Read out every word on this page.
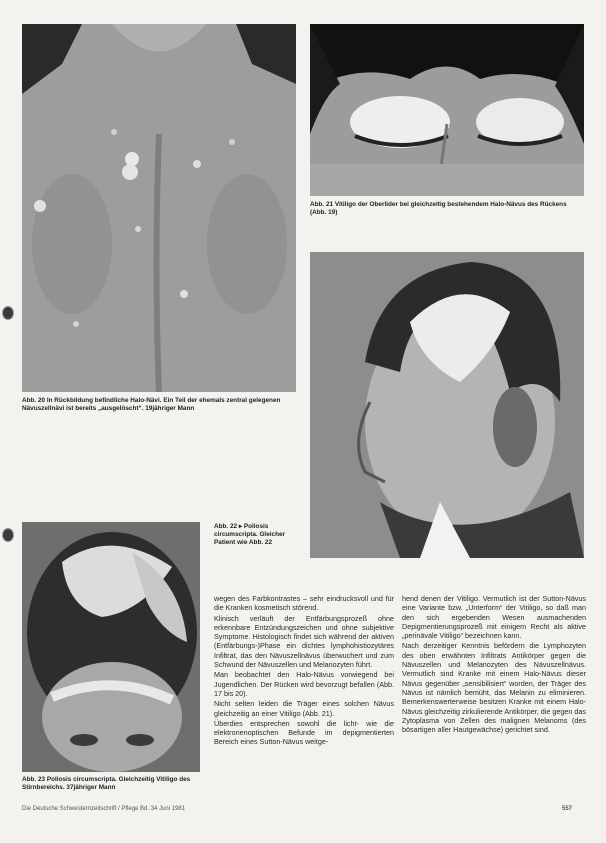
Abb. 20 In Rückbildung befindliche Halo-Nävi. Ein Teil der ehemals zentral gelegenen Nävuszellnävi ist bereits „ausgelöscht“. 19jähriger Mann
Abb. 21 Vitiligo der Oberlider bei gleichzeitig bestehendem Halo-Nävus des Rückens (Abb. 19)
Abb. 22 ▸ Poliosis circumscripta. Gleicher Patient wie Abb. 22
Abb. 23 Poliosis circumscripta. Gleichzeitig Vitiligo des Stirnbereichs. 37jähriger Mann

wegen des Farbkontrastes – sehr eindrucksvoll und für die Kranken kosmetisch störend.

Klinisch verläuft der Entfärbungsprozeß ohne erkennbare Entzündungszeichen und ohne subjektive Symptome. Histologisch findet sich während der aktiven (Entfärbungs-)Phase ein dichtes lymphohistiozytäres Infiltrat, das den Nävuszellnävus überwuchert und zum Schwund der Nävuszellen und Melanozyten führt.

Man beobachtet den Halo-Nävus vorwiegend bei Jugendlichen. Der Rücken wird bevorzugt befallen (Abb. 17 bis 20).

Nicht selten leiden die Träger eines solchen Nävus gleichzeitig an einer Vitiligo (Abb. 21).

Überdies entsprechen sowohl die licht- wie die elektronenoptischen Befunde im depigmentierten Bereich eines Sutton-Nävus weitge-

hend denen der Vitiligo. Vermutlich ist der Sutton-Nävus eine Variante bzw. „Unterform“ der Vitiligo, so daß man den sich ergebenden Wesen ausmachenden Depigmentierungsprozeß mit einigem Recht als aktive „perinävale Vitiligo“ bezeichnen kann.

Nach derzeitiger Kenntnis befördern die Lymphozyten des oben erwähnten Infiltrats Antikörper gegen die Nävuszellen und Melanozyten des Nävuszellnävus. Vermutlich sind Kranke mit einem Halo-Nävus dieser Nävus gegenüber „sensibilisiert“ worden, der Träger des Nävus ist nämlich bemüht, das Melanin zu eliminieren. Bemerkenswerterweise besitzen Kranke mit einem Halo-Nävus gleichzeitig zirkulierende Antikörper, die gegen das Zytoplasma von Zellen des malignen Melanoms (des bösartigen aller Hautgewächse) gerichtet sind.

Die Deutsche Schwesternzeitschrift / Pflege Bd. 34 Juni 1981	557
